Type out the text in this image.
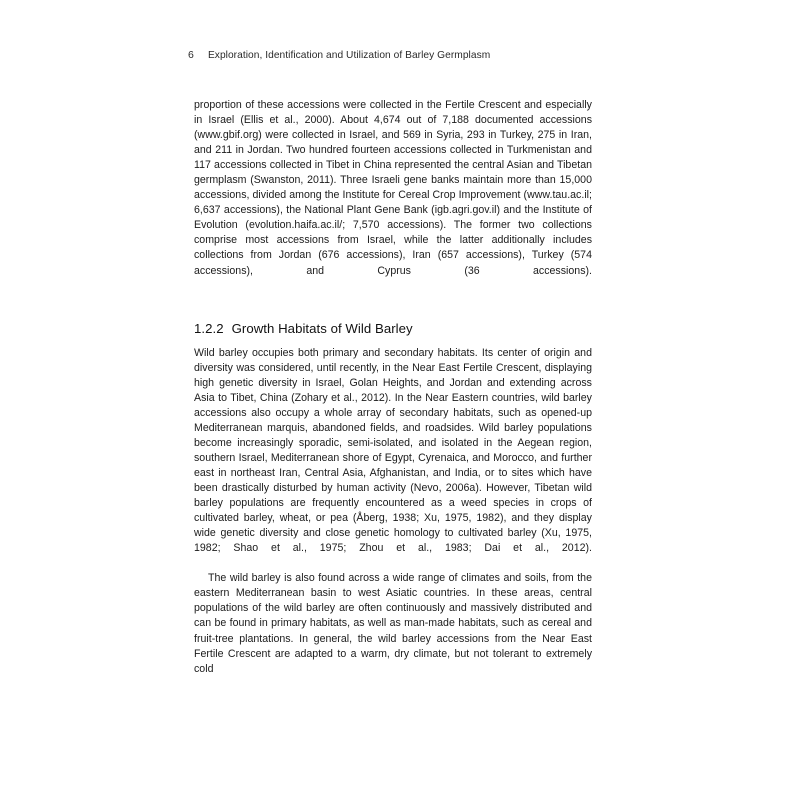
6 Exploration, Identification and Utilization of Barley Germplasm

proportion of these accessions were collected in the Fertile Crescent and especially in Israel (Ellis et al., 2000). About 4,674 out of 7,188 documented accessions (www.gbif.org) were collected in Israel, and 569 in Syria, 293 in Turkey, 275 in Iran, and 211 in Jordan. Two hundred fourteen accessions collected in Turkmenistan and 117 accessions collected in Tibet in China represented the central Asian and Tibetan germplasm (Swanston, 2011). Three Israeli gene banks maintain more than 15,000 accessions, divided among the Institute for Cereal Crop Improvement (www.tau.ac.il; 6,637 accessions), the National Plant Gene Bank (igb.agri.gov.il) and the Institute of Evolution (evolution.haifa.ac.il/; 7,570 accessions). The former two collections comprise most accessions from Israel, while the latter additionally includes collections from Jordan (676 accessions), Iran (657 accessions), Turkey (574 accessions), and Cyprus (36 accessions).

1.2.2 Growth Habitats of Wild Barley

Wild barley occupies both primary and secondary habitats. Its center of origin and diversity was considered, until recently, in the Near East Fertile Crescent, displaying high genetic diversity in Israel, Golan Heights, and Jordan and extending across Asia to Tibet, China (Zohary et al., 2012). In the Near Eastern countries, wild barley accessions also occupy a whole array of secondary habitats, such as opened-up Mediterranean marquis, abandoned fields, and roadsides. Wild barley populations become increasingly sporadic, semi-isolated, and isolated in the Aegean region, southern Israel, Mediterranean shore of Egypt, Cyrenaica, and Morocco, and further east in northeast Iran, Central Asia, Afghanistan, and India, or to sites which have been drastically disturbed by human activity (Nevo, 2006a). However, Tibetan wild barley populations are frequently encountered as a weed species in crops of cultivated barley, wheat, or pea (Åberg, 1938; Xu, 1975, 1982), and they display wide genetic diversity and close genetic homology to cultivated barley (Xu, 1975, 1982; Shao et al., 1975; Zhou et al., 1983; Dai et al., 2012).

The wild barley is also found across a wide range of climates and soils, from the eastern Mediterranean basin to west Asiatic countries. In these areas, central populations of the wild barley are often continuously and massively distributed and can be found in primary habitats, as well as man-made habitats, such as cereal and fruit-tree plantations. In general, the wild barley accessions from the Near East Fertile Crescent are adapted to a warm, dry climate, but not tolerant to extremely cold
